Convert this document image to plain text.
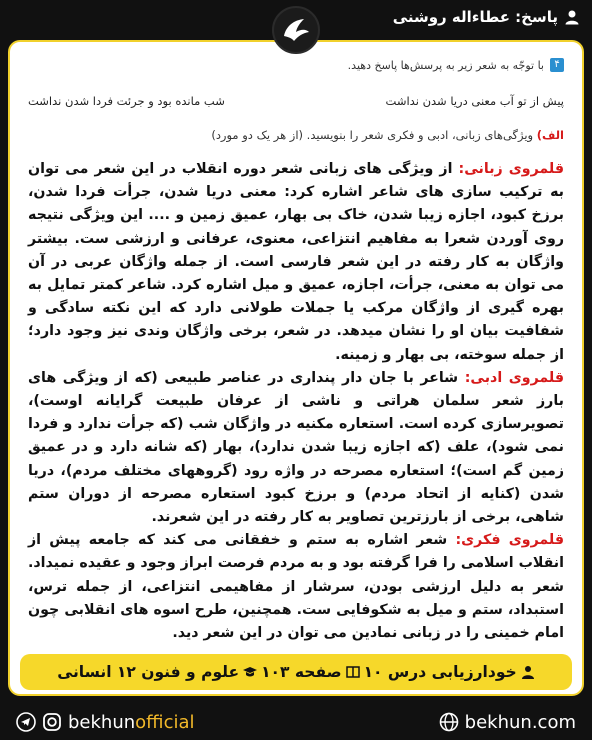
پاسخ: عطاءاله روشنی
۴
با توجّه به شعر زیر به پرسش‌ها پاسخ دهید.
پیش از تو آب معنی دریا شدن نداشت
شب مانده بود و جرئت فردا شدن نداشت
الف) ویژگی‌های زبانی، ادبی و فکری شعر را بنویسید. (از هر یک دو مورد)

قلمروی زبانی: از ویژگی های زبانی شعر دوره انقلاب در این شعر می توان به ترکیب سازی های شاعر اشاره کرد: معنی دریا شدن، جرأت فردا شدن، برزخ کبود، اجازه زیبا شدن، خاک بی بهار، عمیق زمین و .... این ویژگی نتیجه روی آوردن شعرا به مفاهیم انتزاعی، معنوی، عرفانی و ارزشی ست. بیشتر واژگان به کار رفته در این شعر فارسی است. از جمله واژگان عربی در آن می توان به معنی، جرأت، اجازه، عمیق و میل اشاره کرد. شاعر کمتر تمایل به بهره گیری از واژگان مرکب یا جملات طولانی دارد که این نکته سادگی و شفافیت بیان او را نشان میدهد. در شعر، برخی واژگان وندی نیز وجود دارد؛ از جمله سوخته، بی بهار و زمینه.

قلمروی ادبی: شاعر با جان دار پنداری در عناصر طبیعی (که از ویژگی های بارز شعر سلمان هراتی و ناشی از عرفان طبیعت گرایانه اوست)، تصویرسازی کرده است. استعاره مکنیه در واژگان شب (که جرأت ندارد و فردا نمی شود)، علف (که اجازه زیبا شدن ندارد)، بهار (که شانه دارد و در عمیق زمین گم است)؛ استعاره مصرحه در واژه رود (گروههای مختلف مردم)، دریا شدن (کنایه از اتحاد مردم) و برزخ کبود استعاره مصرحه از دوران ستم شاهی، برخی از بارزترین تصاویر به کار رفته در این شعرند.

قلمروی فکری: شعر اشاره به ستم و خفقانی می کند که جامعه پیش از انقلاب اسلامی را فرا گرفته بود و به مردم فرصت ابراز وجود و عقیده نمیداد. شعر به دلیل ارزشی بودن، سرشار از مفاهیمی انتزاعی، از جمله ترس، استبداد، ستم و میل به شکوفایی ست. همچنین، طرح اسوه های انقلابی چون امام خمینی را در زبانی نمادین می توان در این شعر دید.

خودارزیابی درس ۱۰
صفحه ۱۰۳
علوم و فنون ۱۲ انسانی
bekhunofficial	bekhun.com
